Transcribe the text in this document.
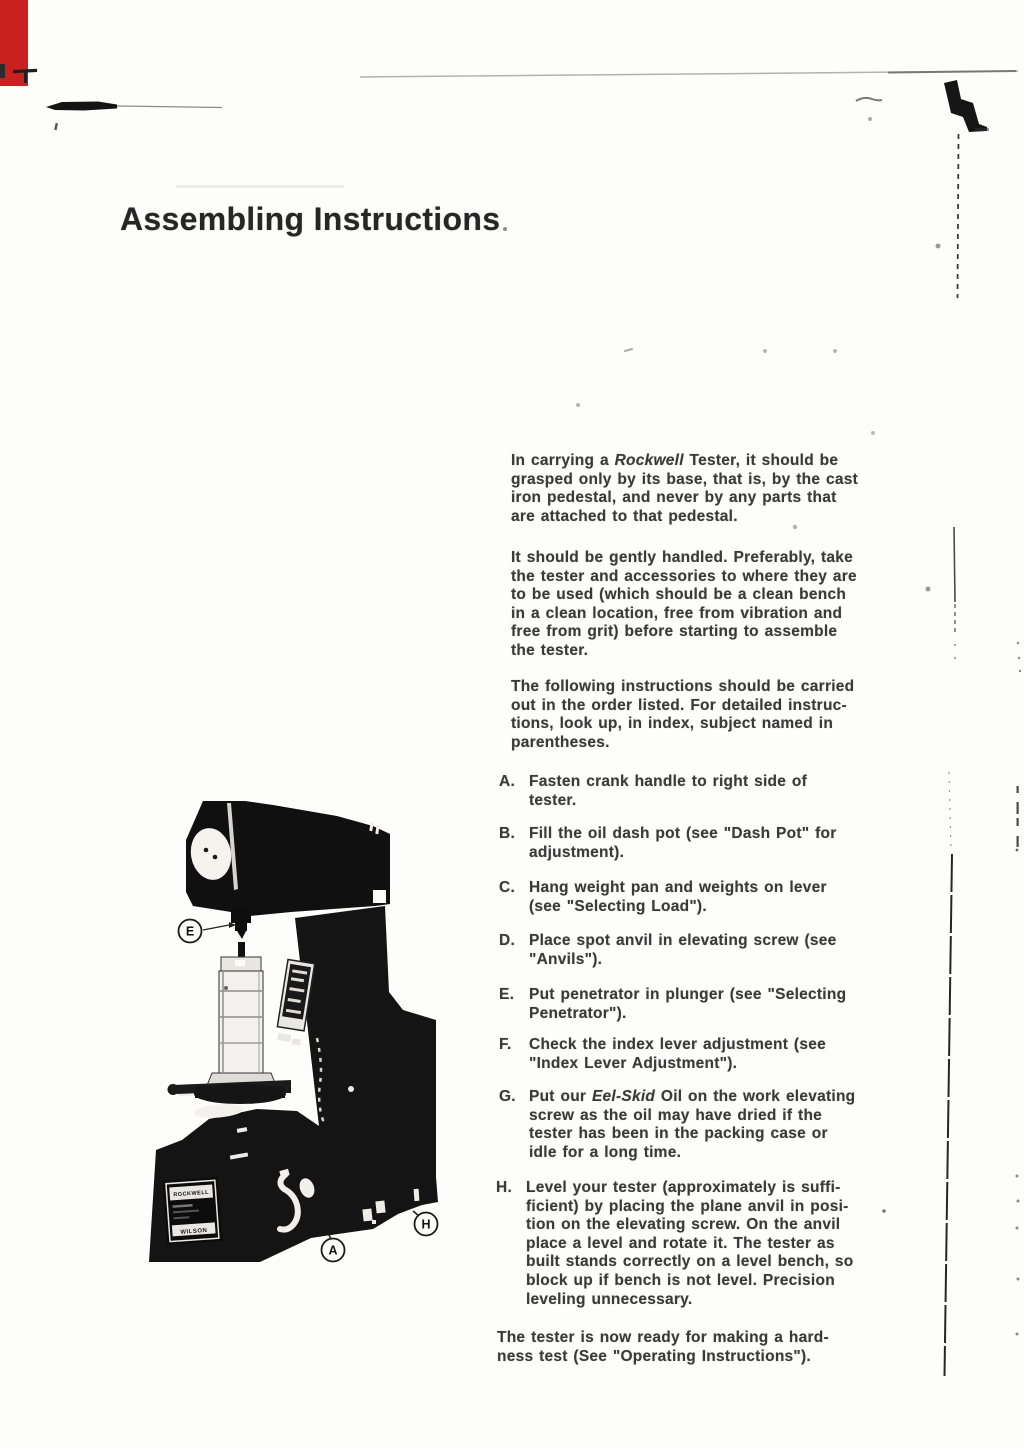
Assembling Instructions
In carrying a Rockwell Tester, it should be
grasped only by its base, that is, by the cast
iron pedestal, and never by any parts that
are attached to that pedestal.
It should be gently handled. Preferably, take
the tester and accessories to where they are
to be used (which should be a clean bench
in a clean location, free from vibration and
free from grit) before starting to assemble
the tester.
The following instructions should be carried
out in the order listed. For detailed instruc-
tions, look up, in index, subject named in
parentheses.
A. Fasten crank handle to right side of
tester.
B. Fill the oil dash pot (see "Dash Pot" for
adjustment).
C. Hang weight pan and weights on lever
(see "Selecting Load").
D. Place spot anvil in elevating screw (see
"Anvils").
E. Put penetrator in plunger (see "Selecting
Penetrator").
F.	Check the index lever adjustment (see
"Index Lever Adjustment").
G. Put our Eel-Skid Oil on the work elevating
screw as the oil may have dried if the
tester has been in the packing case or
idle for a long time.
H. Level your tester (approximately is suffi-
ficient) by placing the plane anvil in posi-
tion on the elevating screw. On the anvil
place a level and rotate it. The tester as
built stands correctly on a level bench, so
block up if bench is not level. Precision
leveling unnecessary.
The tester is now ready for making a hard-
ness test (See "Operating Instructions").
ROCKWELL
WILSON
E
A
H
